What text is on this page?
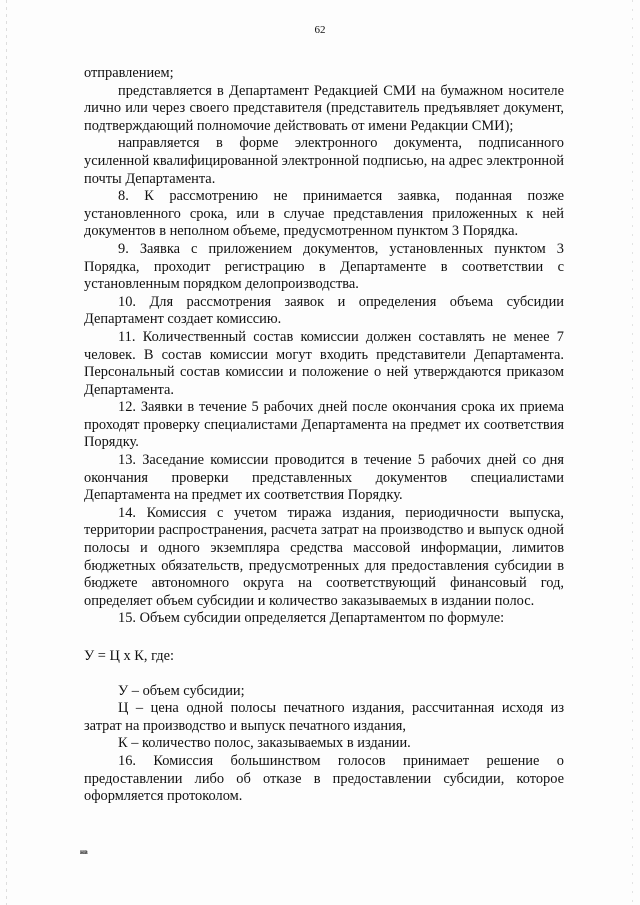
62

отправлением;

представляется в Департамент Редакцией СМИ на бумажном носителе лично или через своего представителя (представитель предъявляет документ, подтверждающий полномочие действовать от имени Редакции СМИ);

направляется в форме электронного документа, подписанного усиленной квалифицированной электронной подписью, на адрес электронной почты Департамента.

8. К рассмотрению не принимается заявка, поданная позже установленного срока, или в случае представления приложенных к ней документов в неполном объеме, предусмотренном пунктом 3 Порядка.

9. Заявка с приложением документов, установленных пунктом 3 Порядка, проходит регистрацию в Департаменте в соответствии с установленным порядком делопроизводства.

10. Для рассмотрения заявок и определения объема субсидии Департамент создает комиссию.

11. Количественный состав комиссии должен составлять не менее 7 человек. В состав комиссии могут входить представители Департамента. Персональный состав комиссии и положение о ней утверждаются приказом Департамента.

12. Заявки в течение 5 рабочих дней после окончания срока их приема проходят проверку специалистами Департамента на предмет их соответствия Порядку.

13. Заседание комиссии проводится в течение 5 рабочих дней со дня окончания проверки представленных документов специалистами Департамента на предмет их соответствия Порядку.

14. Комиссия с учетом тиража издания, периодичности выпуска, территории распространения, расчета затрат на производство и выпуск одной полосы и одного экземпляра средства массовой информации, лимитов бюджетных обязательств, предусмотренных для предоставления субсидии в бюджете автономного округа на соответствующий финансовый год, определяет объем субсидии и количество заказываемых в издании полос.

15. Объем субсидии определяется Департаментом по формуле:

У = Ц х К, где:

У – объем субсидии;

Ц – цена одной полосы печатного издания, рассчитанная исходя из затрат на производство и выпуск печатного издания,

К – количество полос, заказываемых в издании.

16. Комиссия большинством голосов принимает решение о предоставлении либо об отказе в предоставлении субсидии, которое оформляется протоколом.

нв
